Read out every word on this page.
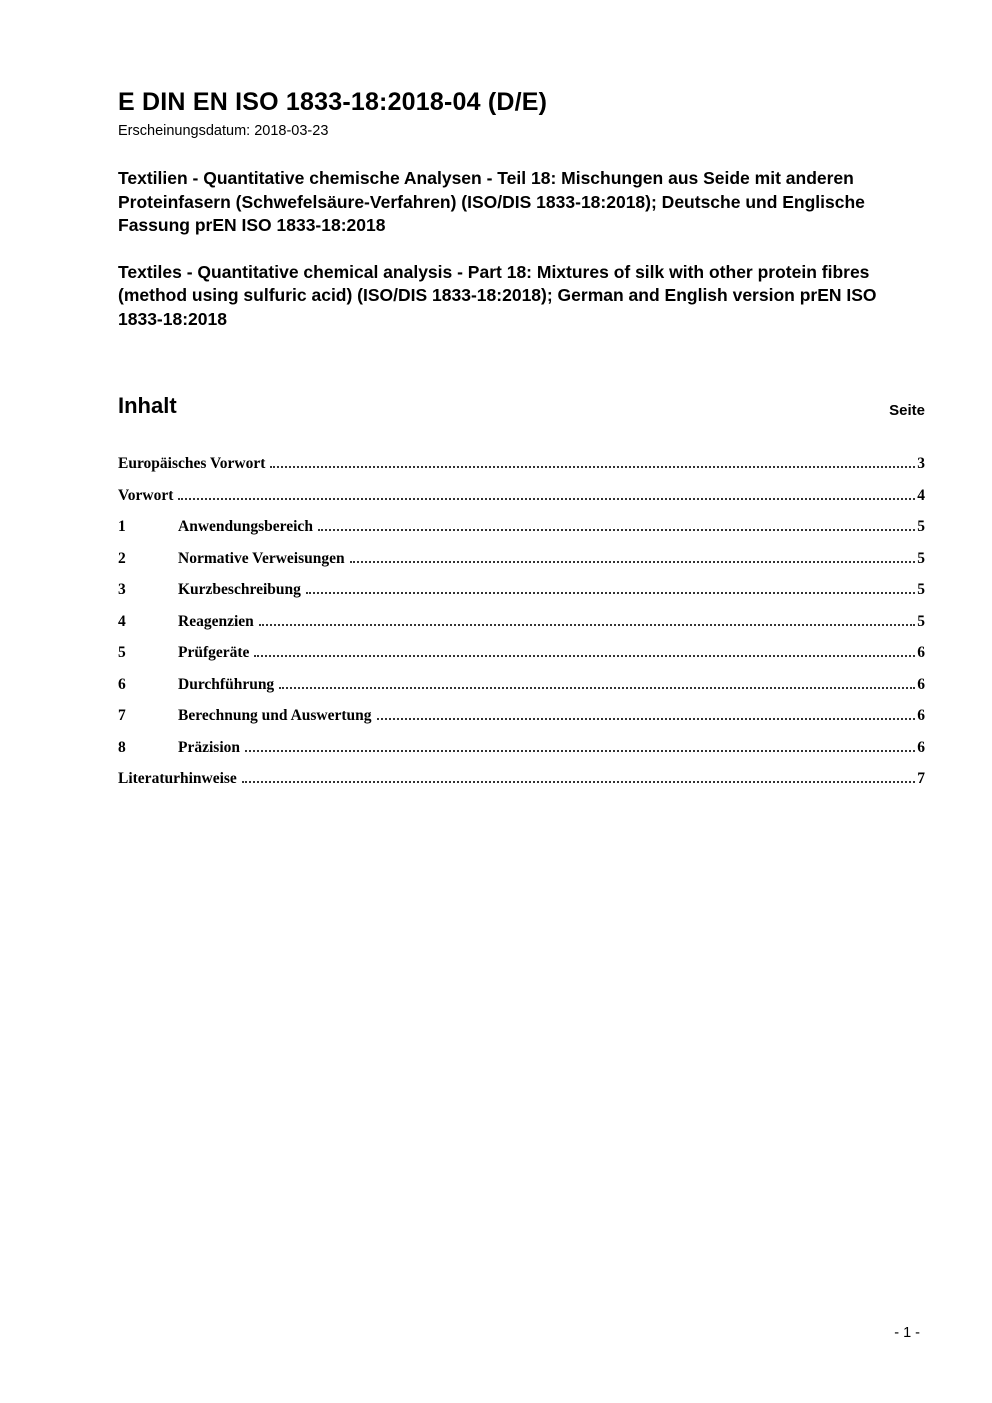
E DIN EN ISO 1833-18:2018-04 (D/E)
Erscheinungsdatum: 2018-03-23

Textilien - Quantitative chemische Analysen - Teil 18: Mischungen aus Seide mit anderen Proteinfasern (Schwefelsäure-Verfahren) (ISO/DIS 1833-18:2018); Deutsche und Englische Fassung prEN ISO 1833-18:2018

Textiles - Quantitative chemical analysis - Part 18: Mixtures of silk with other protein fibres (method using sulfuric acid) (ISO/DIS 1833-18:2018); German and English version prEN ISO 1833-18:2018

Inhalt	Seite
Europäisches Vorwort	3
Vorwort	4
1	Anwendungsbereich	5
2	Normative Verweisungen	5
3	Kurzbeschreibung	5
4	Reagenzien	5
5	Prüfgeräte	6
6	Durchführung	6
7	Berechnung und Auswertung	6
8	Präzision	6
Literaturhinweise	7
- 1 -
